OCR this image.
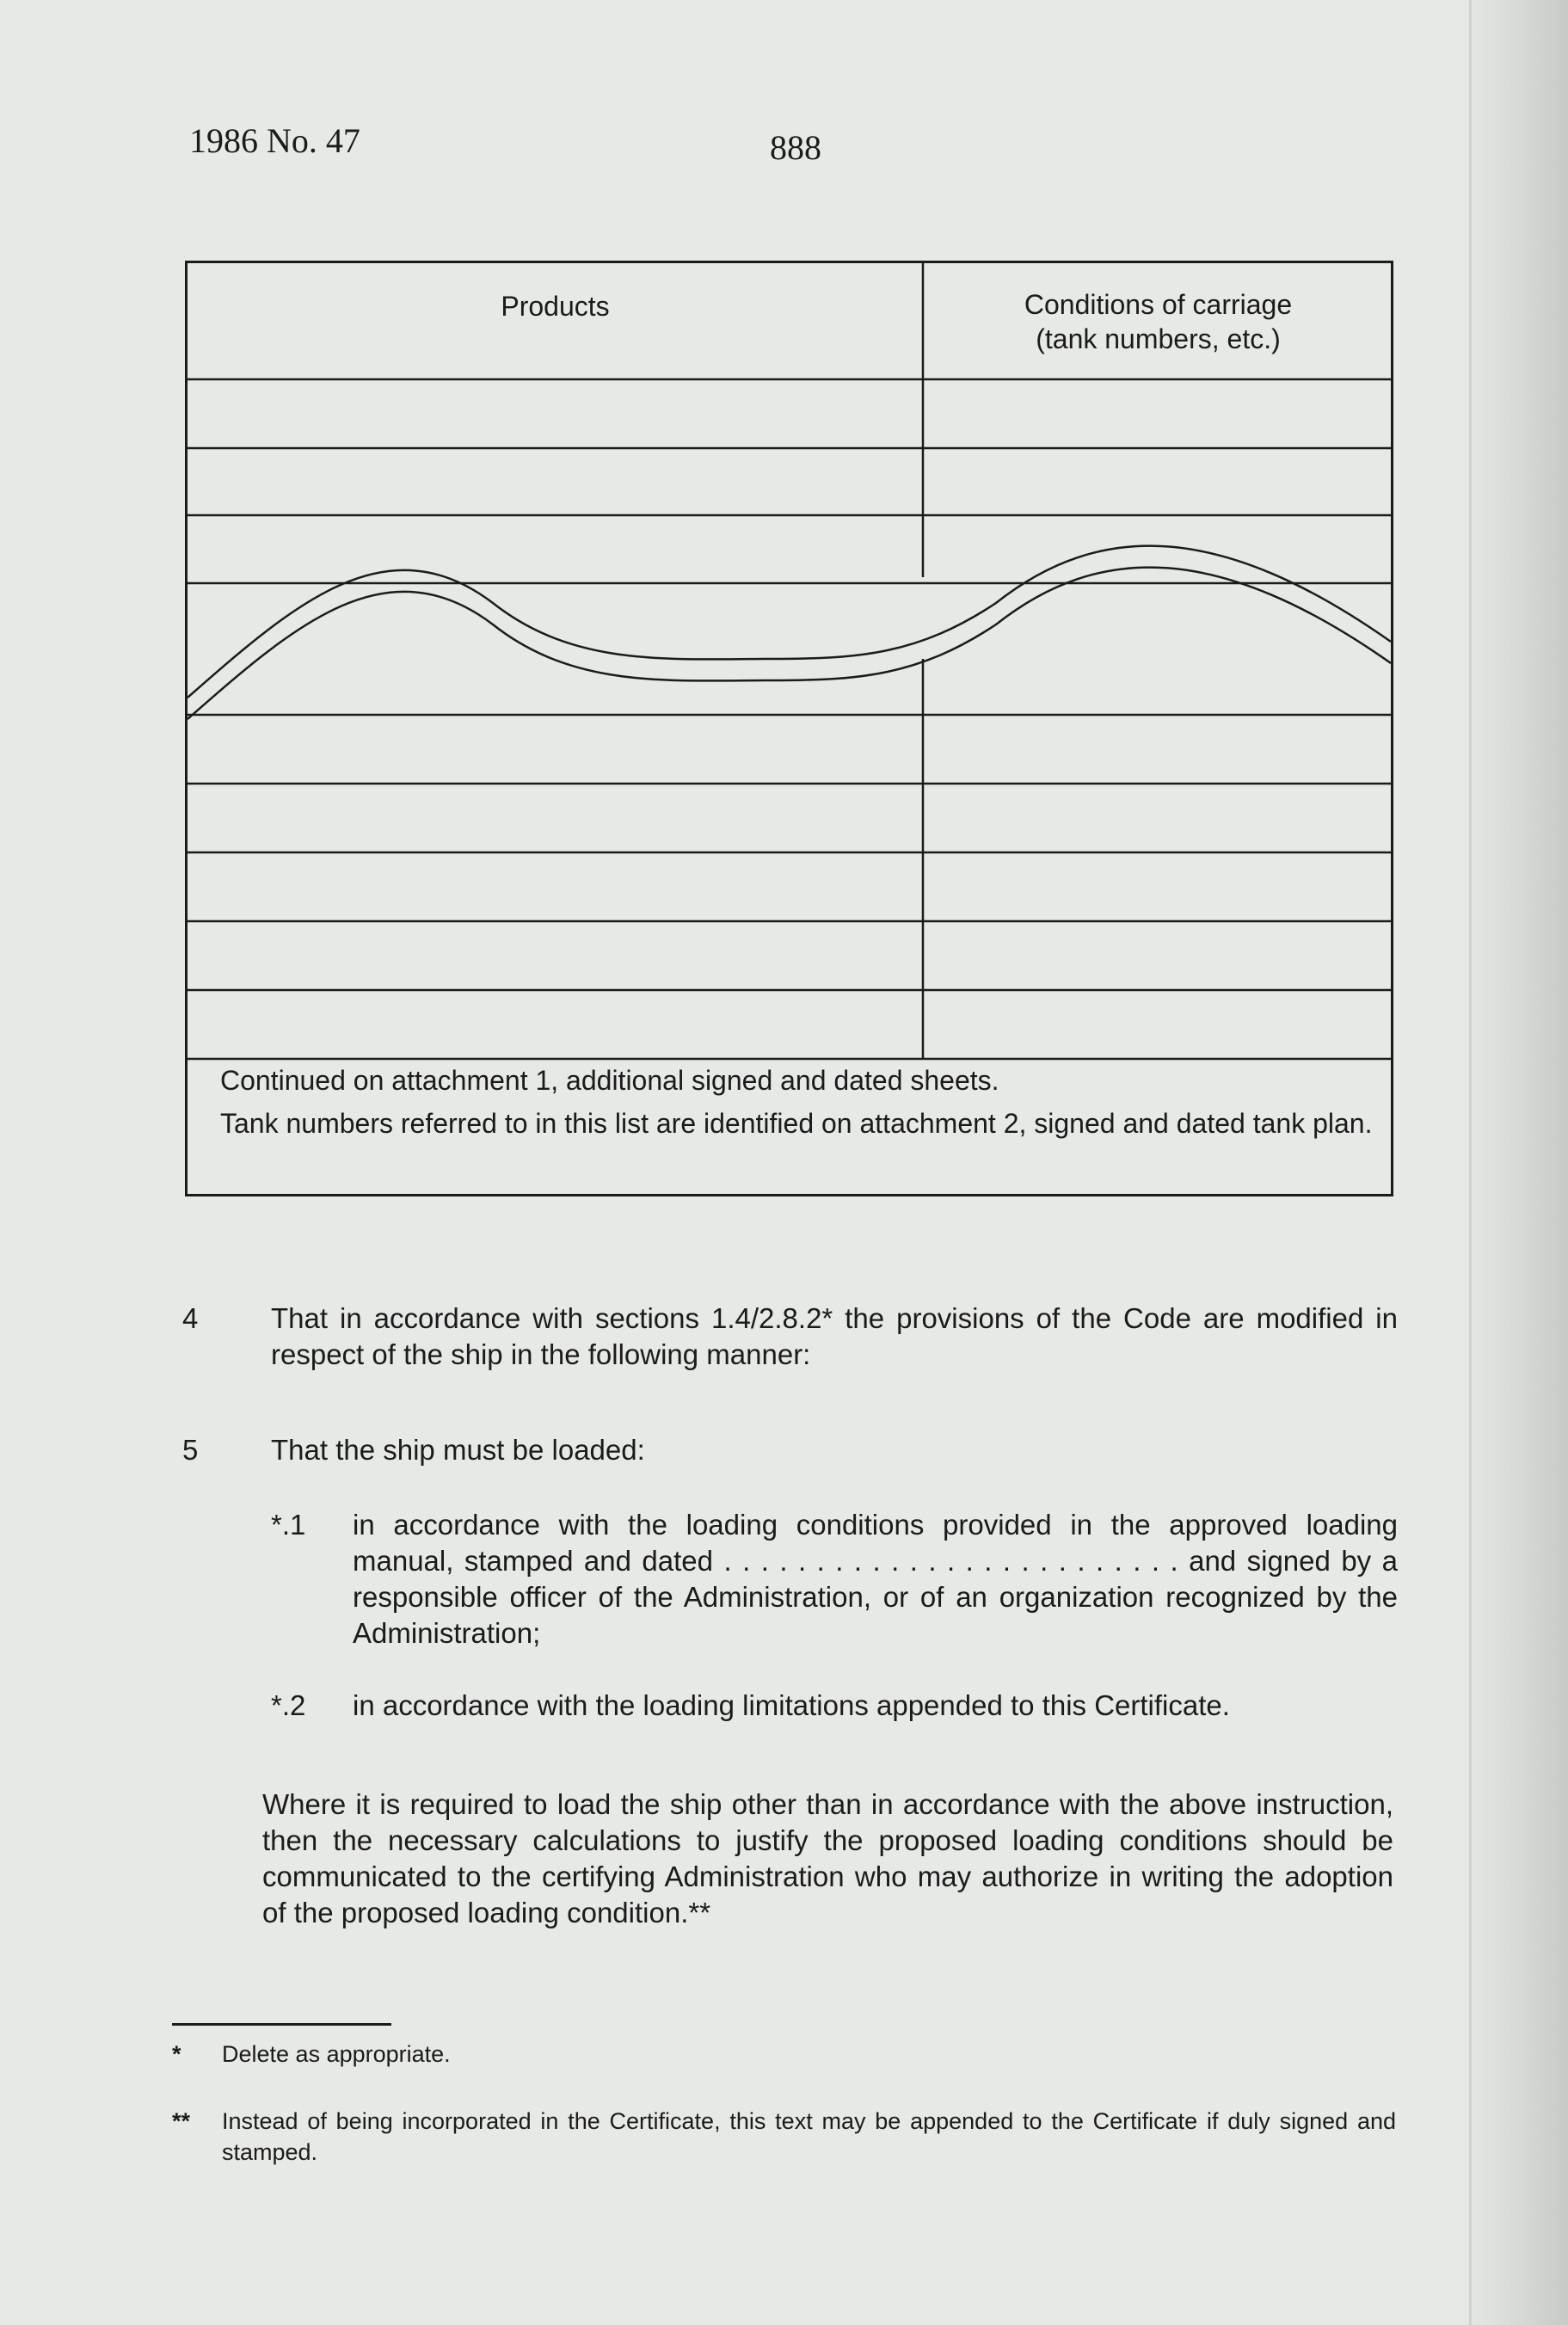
1986 No. 47	888
Products	Conditions of carriage
(tank numbers, etc.)
Continued on attachment 1, additional signed and dated sheets.
Tank numbers referred to in this list are identified on attachment 2, signed and dated tank plan.
4	That in accordance with sections 1.4/2.8.2* the provisions of the Code are modified in respect of the ship in the following manner:
5	That the ship must be loaded:
*.1 in accordance with the loading conditions provided in the approved loading manual, stamped and dated . . . . . . . . . . . . . . . . . . . . . . . . . and signed by a responsible officer of the Administration, or of an organization recognized by the Administration;
*.2 in accordance with the loading limitations appended to this Certificate.
Where it is required to load the ship other than in accordance with the above instruction, then the necessary calculations to justify the proposed loading conditions should be communicated to the certifying Administration who may authorize in writing the adoption of the proposed loading condition.**
* Delete as appropriate.
** Instead of being incorporated in the Certificate, this text may be appended to the Certificate if duly signed and stamped.
